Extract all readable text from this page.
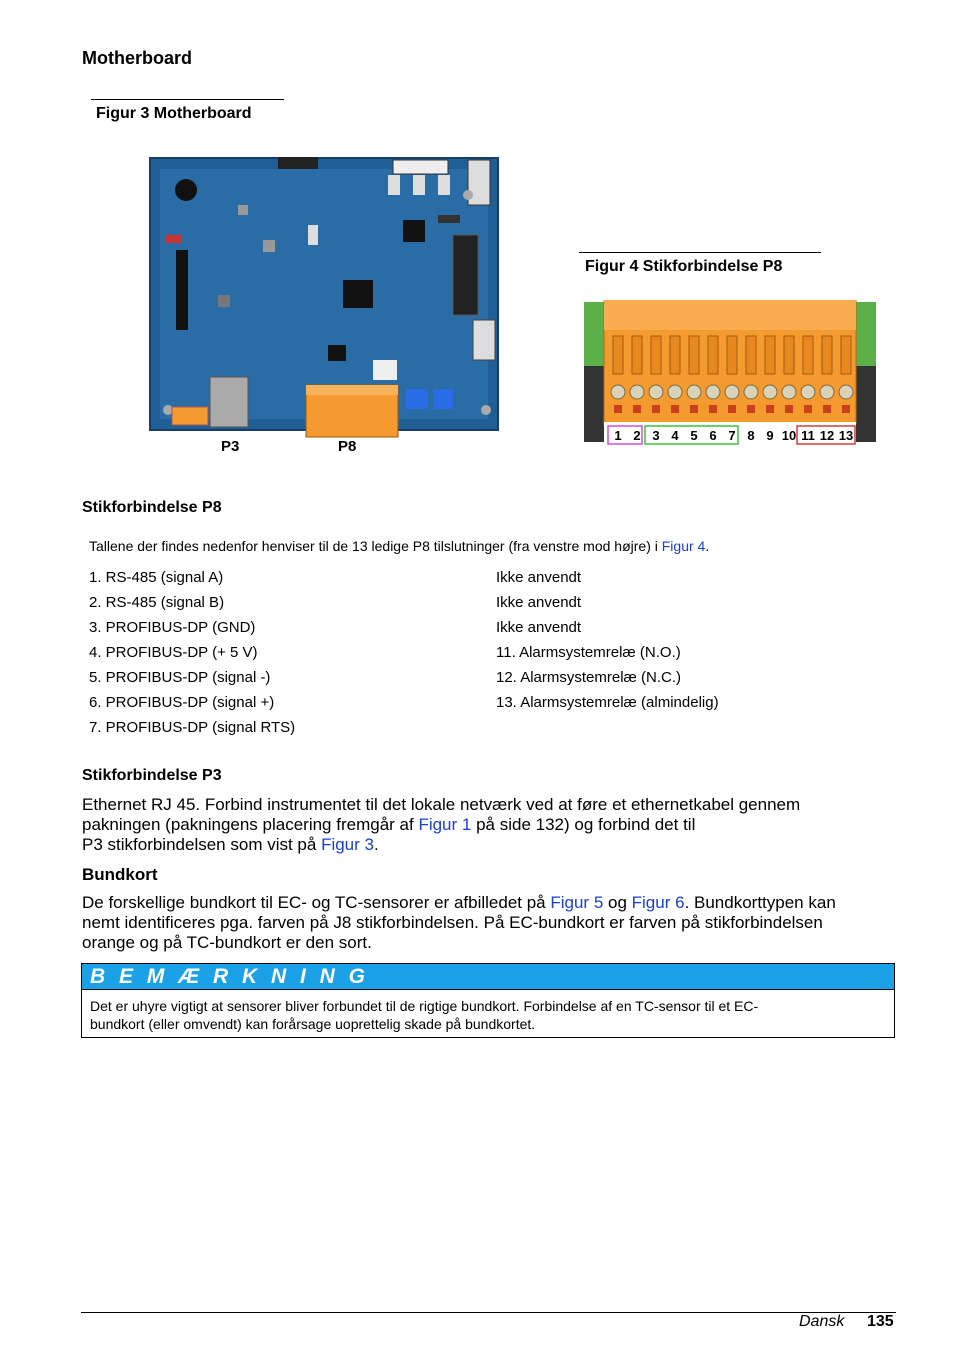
Motherboard
Figur 3 Motherboard
P3	P8
Figur 4 Stikforbindelse P8
1 2 3 4 5 6 7 8 9 10 11 12 13
Stikforbindelse P8
Tallene der findes nedenfor henviser til de 13 ledige P8 tilslutninger (fra venstre mod højre) i Figur 4.
1. RS-485 (signal A)
2. RS-485 (signal B)
3. PROFIBUS-DP (GND)
4. PROFIBUS-DP (+ 5 V)
5. PROFIBUS-DP (signal -)
6. PROFIBUS-DP (signal +)
7. PROFIBUS-DP (signal RTS)
Ikke anvendt
Ikke anvendt
Ikke anvendt
11. Alarmsystemrelæ (N.O.)
12. Alarmsystemrelæ (N.C.)
13. Alarmsystemrelæ (almindelig)
Stikforbindelse P3
Ethernet RJ 45. Forbind instrumentet til det lokale netværk ved at føre et ethernetkabel gennem
pakningen (pakningens placering fremgår af Figur 1 på side 132) og forbind det til
P3 stikforbindelsen som vist på Figur 3.
Bundkort
De forskellige bundkort til EC- og TC-sensorer er afbilledet på Figur 5 og Figur 6. Bundkorttypen kan
nemt identificeres pga. farven på J8 stikforbindelsen. På EC-bundkort er farven på stikforbindelsen
orange og på TC-bundkort er den sort.
B E M Æ R K N I N G
Det er uhyre vigtigt at sensorer bliver forbundet til de rigtige bundkort. Forbindelse af en TC-sensor til et EC-
bundkort (eller omvendt) kan forårsage uoprettelig skade på bundkortet.
Dansk 135
